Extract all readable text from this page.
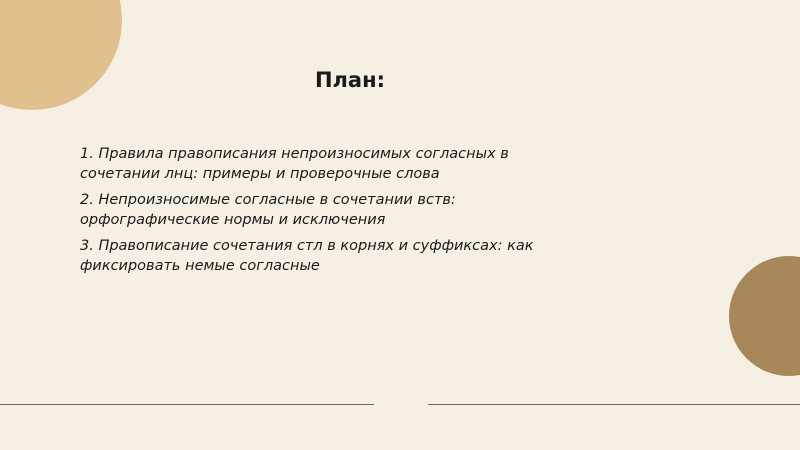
План:
1. Правила правописания непроизносимых согласных в сочетании лнц: примеры и проверочные слова
2. Непроизносимые согласные в сочетании вств: орфографические нормы и исключения
3. Правописание сочетания стл в корнях и суффиксах: как фиксировать немые согласные
